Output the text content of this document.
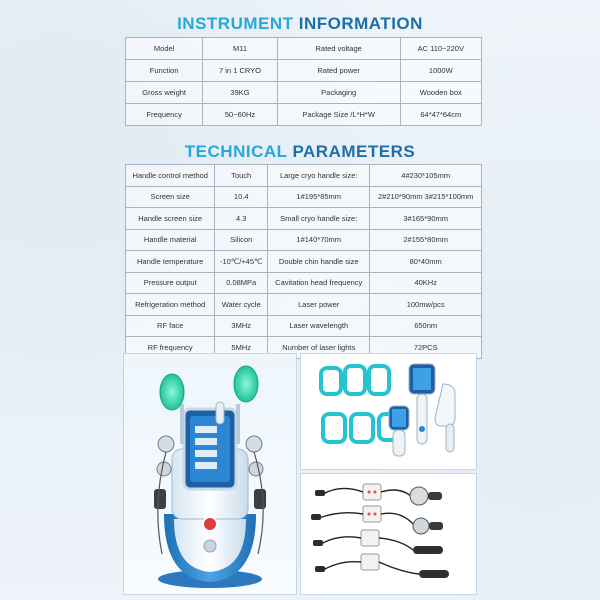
INSTRUMENT INFORMATION
Model	M11	Rated voltage	AC 110~220V
Function	7 in 1 CRYO	Rated power	1000W
Gross weight	39KG	Packaging	Wooden box
Frequency	50~60Hz	Package Size /L*H*W	64*47*64cm
TECHNICAL PARAMETERS
Handle control method	Touch	Large cryo handle size:	4#230*105mm
Screen size	10.4	1#195*85mm	2#210*90mm 3#215*100mm
Handle screen size	4.3	Small cryo handle size:	3#165*90mm
Handle material	Silicon	1#140*70mm	2#155*80mm
Handle temperature	-10℃/+45℃	Double chin handle size	80*40mm
Pressure output	0.08MPa	Cavitation head frequency	40KHz
Refrigeration method	Water cycle	Laser power	100mw/pcs
RF face	3MHz	Laser wavelength	650nm
RF frequency	5MHz	Number of laser lights	72PCS
